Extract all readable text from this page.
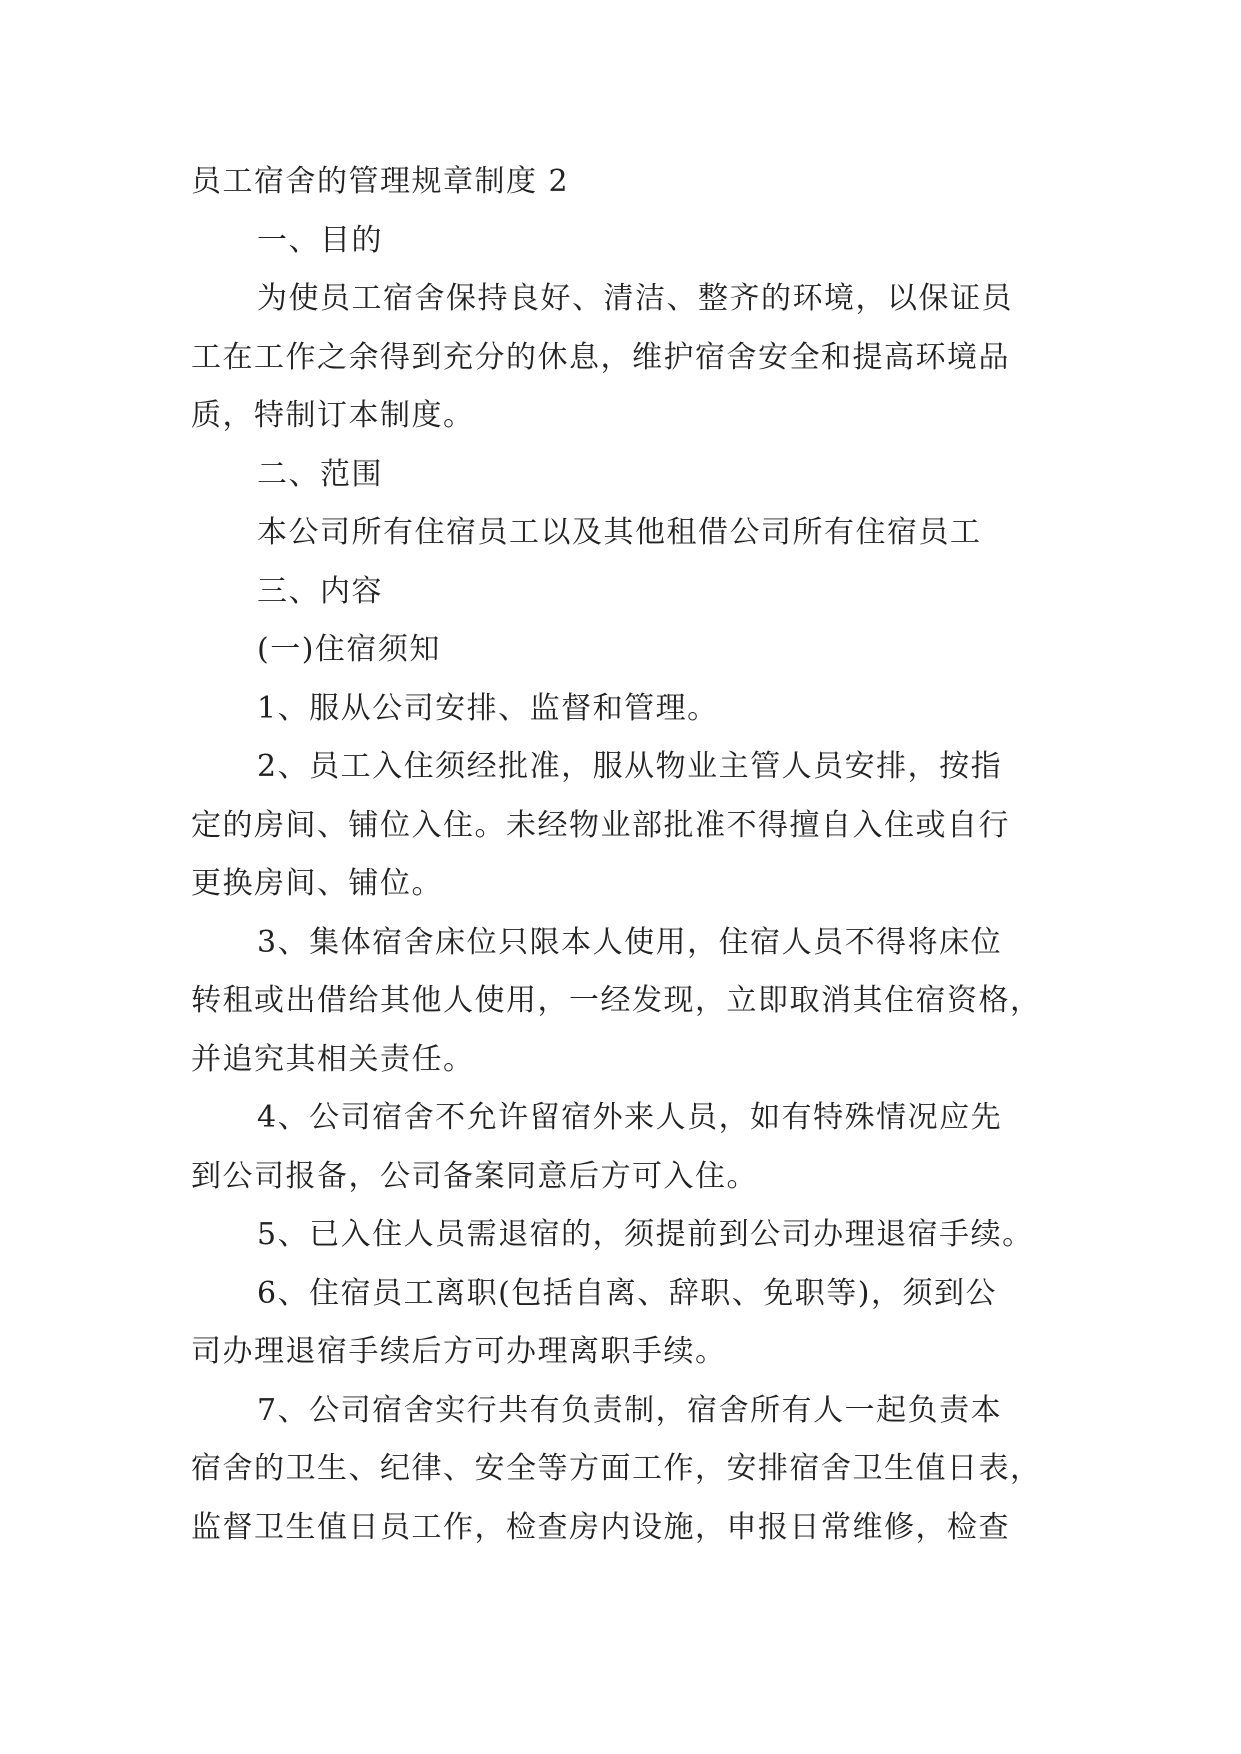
员工宿舍的管理规章制度 2
一、目的
为使员工宿舍保持良好、清洁、整齐的环境，以保证员
工在工作之余得到充分的休息，维护宿舍安全和提高环境品
质，特制订本制度。
二、范围
本公司所有住宿员工以及其他租借公司所有住宿员工
三、内容
(一)住宿须知
1、服从公司安排、监督和管理。
2、员工入住须经批准，服从物业主管人员安排，按指
定的房间、铺位入住。未经物业部批准不得擅自入住或自行
更换房间、铺位。
3、集体宿舍床位只限本人使用，住宿人员不得将床位
转租或出借给其他人使用，一经发现，立即取消其住宿资格，
并追究其相关责任。
4、公司宿舍不允许留宿外来人员，如有特殊情况应先
到公司报备，公司备案同意后方可入住。
5、已入住人员需退宿的，须提前到公司办理退宿手续。
6、住宿员工离职(包括自离、辞职、免职等)，须到公
司办理退宿手续后方可办理离职手续。
7、公司宿舍实行共有负责制，宿舍所有人一起负责本
宿舍的卫生、纪律、安全等方面工作，安排宿舍卫生值日表，
监督卫生值日员工作，检查房内设施，申报日常维修，检查
